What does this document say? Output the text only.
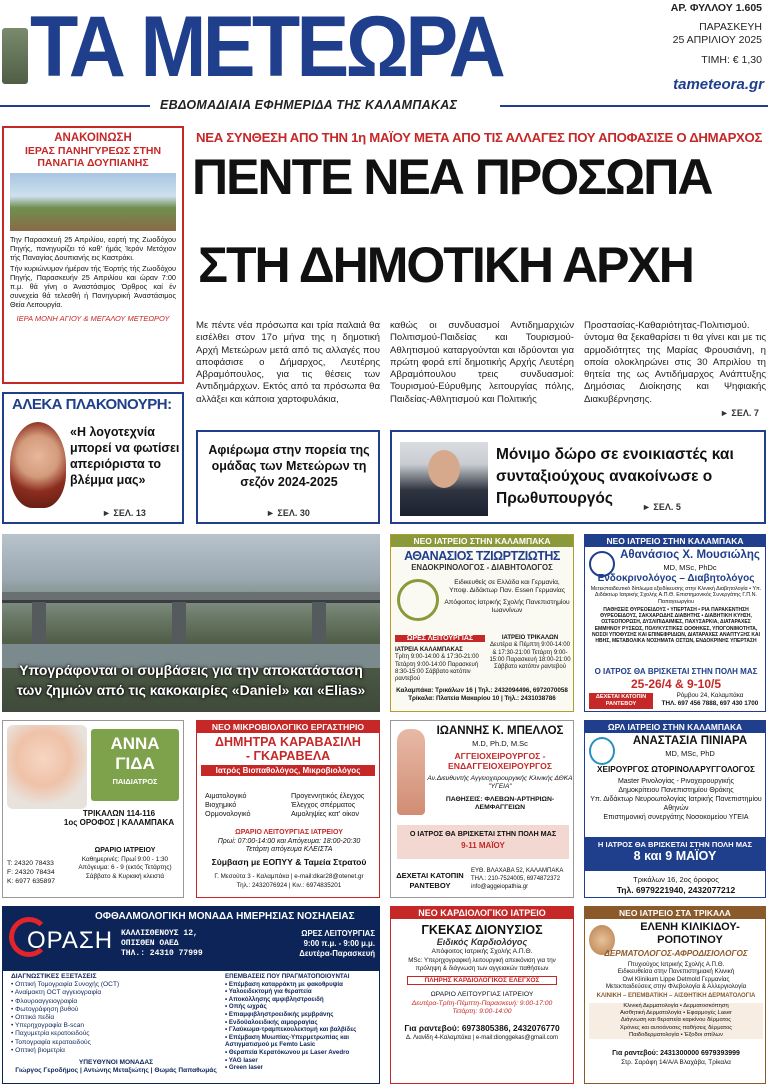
ΤΑ ΜΕΤΕΩΡΑ	ΑΡ. ΦΥΛΛΟΥ 1.605
ΠΑΡΑΣΚΕΥΗ
25 ΑΠΡΙΛΙΟΥ 2025
ΤΙΜΗ: € 1,30
tameteora.gr
ΕΒΔΟΜΑΔΙΑΙΑ ΕΦΗΜΕΡΙΔΑ ΤΗΣ ΚΑΛΑΜΠΑΚΑΣ
ΑΝΑΚΟΙΝΩΣΗ
ΙΕΡΑΣ ΠΑΝΗΓΥΡΕΩΣ ΣΤΗΝ ΠΑΝΑΓΙΑ ΔΟΥΠΙΑΝΗΣ
Την Παρασκευή 25 Απριλίου, εορτή της Ζωοδόχου Πηγής, πανηγυρίζει τό καθ' ήμάς Ίερόν Μετόχιον τής Παναγίας Δουπιανής εις Καστράκι.
Τήν κυριώνυμον ήμέραν τής Έορτής τής Ζωοδόχου Πηγής, Παρασκευήν 25 Απριλίου και ώραν 7:00 π.μ. θά γίνη ο Άναστάσιμος Όρθρος καί έν συνεχεία θά τελεσθή ή Πανηγυρική Άναστάσιμος Θεία Λειτουργία.
ΙΕΡΑ ΜΟΝΗ ΑΓΙΟΥ & ΜΕΓΑΛΟΥ ΜΕΤΕΩΡΟΥ
ΝΕΑ ΣΥΝΘΕΣΗ ΑΠΟ ΤΗΝ 1η ΜΑΪΟΥ ΜΕΤΑ ΑΠΟ ΤΙΣ ΑΛΛΑΓΕΣ ΠΟΥ ΑΠΟΦΑΣΙΣΕ Ο ΔΗΜΑΡΧΟΣ
ΠΕΝΤΕ ΝΕΑ ΠΡΟΣΩΠΑ
ΣΤΗ ΔΗΜΟΤΙΚΗ ΑΡΧΗ
Με πέντε νέα πρόσωπα και τρία παλαιά θα εισέλθει στον 17ο μήνα της η δημοτική Αρχή Μετεώρων μετά από τις αλλαγές που αποφάσισε ο Δήμαρχος, Λευτέρης Αβραμόπουλος, για τις θέσεις των Αντιδημάρχων. Εκτός από τα πρόσωπα θα αλλάξει και κάποια χαρτοφυλάκια,
καθώς οι συνδυασμοί Αντιδημαρχιών Πολιτισμού-Παιδείας και Τουρισμού-Αθλητισμού καταργούνται και ιδρύονται για πρώτη φορά επί δημοτικής Αρχής Λευτέρη Αβραμόπουλου τρεις συνδυασμοί: Τουρισμού-Εύρυθμης λειτουργίας πόλης, Παιδείας-Αθλητισμού και Πολιτικής
Προστασίας-Καθαριότητας-Πολιτισμού. ύντομα θα ξεκαθαρίσει τι θα γίνει και με τις αρμοδιότητες της Μαρίας Φρουσιάνη, η οποία ολοκληρώνει στις 30 Απριλίου τη θητεία της ως Αντιδήμαρχος Ανάπτυξης Δημόσιας Διοίκησης και Ψηφιακής Διακυβέρνησης.
► ΣΕΛ. 7
ΑΛΕΚΑ ΠΛΑΚΟΝΟΥΡΗ:
«Η λογοτεχνία μπορεί να φωτίσει απεριόριστα το βλέμμα μας»
► ΣΕΛ. 13
Αφιέρωμα στην πορεία της ομάδας των Μετεώρων τη σεζόν 2024-2025
► ΣΕΛ. 30
Μόνιμο δώρο σε ενοικιαστές και συνταξιούχους ανακοίνωσε ο Πρωθυπουργός	► ΣΕΛ. 5
Υπογράφονται οι συμβάσεις για την αποκατάσταση των ζημιών από τις κακοκαιρίες «Daniel» και «Elias»
ΝΕΟ ΙΑΤΡΕΙΟ ΣΤΗΝ ΚΑΛΑΜΠΑΚΑ
ΑΘΑΝΑΣΙΟΣ ΤΖΙΩΡΤΖΙΩΤΗΣ
ΕΝΔΟΚΡΙΝΟΛΟΓΟΣ - ΔΙΑΒΗΤΟΛΟΓΟΣ
Ειδικευθείς σε Ελλάδα και Γερμανία,
Υποψ. Διδάκτωρ Παν. Essen Γερμανίας
Απόφοιτος Ιατρικής Σχολής Πανεπιστημίου Ιωαννίνων
ΩΡΕΣ ΛΕΙΤΟΥΡΓΙΑΣ
ΙΑΤΡΕΙΑ ΚΑΛΑΜΠΑΚΑΣ
Τρίτη 9:00-14:00 & 17:30-21:00 Τετάρτη 9:00-14:00 Παρασκευή 8:30-15:00 Σάββατο κατόπιν ραντεβού
ΙΑΤΡΕΙΟ ΤΡΙΚΑΛΩΝ
Δευτέρα & Πέμπτη 9:00-14:00 & 17:30-21:00 Τετάρτη 9:00-15:00 Παρασκευή 18:00-21:00 Σάββατο κατόπιν ραντεβού
Καλαμπάκα: Τρικάλων 16 | Τηλ.: 2432094496, 6972070058
Τρίκαλα: Πλατεία Μακαρίου 10 | Τηλ.: 2431038786
ΝΕΟ ΙΑΤΡΕΙΟ ΣΤΗΝ ΚΑΛΑΜΠΑΚΑ
Αθανάσιος Χ. Μουσιώλης
MD, MSc, PhDc
Ενδοκρινολόγος – Διαβητολόγος
Μετεκπαιδευτικό δίπλωμα εξειδίκευσης στην Κλινική Διαβητολογία • Υπ. Διδάκτωρ Ιατρικής Σχολής Α.Π.Θ. Επιστημονικός Συνεργάτης Γ.Π.Ν. Παπαγεωργίου
ΠΑΘΗΣΕΙΣ ΘΥΡΕΟΕΙΔΟΥΣ • ΥΠΕΡΤΑΣΗ • ΡΙΑ ΠΑΡΑΚΕΝΤΗΣΗ ΘΥΡΕΟΕΙΔΟΥΣ, ΣΑΚΧΑΡΩΔΗΣ ΔΙΑΒΗΤΗΣ • ΔΙΑΒΗΤΙΚΗ ΚΥΗΣΗ, ΟΣΤΕΟΠΟΡΩΣΗ, ΔΥΣΛΙΠΙΔΑΙΜΙΕΣ, ΠΑΧΥΣΑΡΚΙΑ, ΔΙΑΤΑΡΑΧΕΣ ΕΜΜΗΝΟΥ ΡΥΣΕΩΣ, ΠΟΛΥΚΥΣΤΙΚΕΣ ΩΟΘΗΚΕΣ, ΥΠΟΓΟΝΙΜΟΤΗΤΑ, ΝΟΣΟΙ ΥΠΟΦΥΣΗΣ ΚΑΙ ΕΠΙΝΕΦΡΙΔΙΩΝ, ΔΙΑΤΑΡΑΧΕΣ ΑΝΑΠΤΥΞΗΣ ΚΑΙ ΗΒΗΣ, ΜΕΤΑΒΟΛΙΚΑ ΝΟΣΗΜΑΤΑ ΟΣΤΩΝ, ΕΝΔΟΚΡΙΝΗΣ ΥΠΕΡΤΑΣΗ
Ο ΙΑΤΡΟΣ ΘΑ ΒΡΙΣΚΕΤΑΙ ΣΤΗΝ ΠΟΛΗ ΜΑΣ
25-26/4 & 9-10/5
ΔΕΧΕΤΑΙ ΚΑΤΟΠΙΝ ΡΑΝΤΕΒΟΥ
Ρόμβου 24, Καλαμπάκα
ΤΗΛ. 697 456 7888, 697 430 1700
ΑΝΝΑ ΓΙΔΑ
ΠΑΙΔΙΑΤΡΟΣ
ΤΡΙΚΑΛΩΝ 114-116
1ος ΟΡΟΦΟΣ | ΚΑΛΑΜΠΑΚΑ
Τ: 24320 78433
F: 24320 78434
Κ: 6977 635897
ΩΡΑΡΙΟ ΙΑΤΡΕΙΟΥ
Καθημερινές: Πρωί 9:00 - 1:30
Απόγευμα: 6 - 9 (εκτός Τετάρτης)
Σάββατο & Κυριακή κλειστά
ΝΕΟ ΜΙΚΡΟΒΙΟΛΟΓΙΚΟ ΕΡΓΑΣΤΗΡΙΟ
ΔΗΜΗΤΡΑ ΚΑΡΑΒΑΣΙΛΗ
- ΓΚΑΡΑΒΕΛΑ
Ιατρός Βιοπαθολόγος, Μικροβιολόγος
Αιματολογικό Βιοχημικό Ορμονολογικό
Προγεννητικός έλεγχος Έλεγχος σπέρματος Αιμοληψίες κατ' οίκον
ΩΡΑΡΙΟ ΛΕΙΤΟΥΡΓΙΑΣ ΙΑΤΡΕΙΟΥ
Πρωί: 07:00-14:00 και Απόγευμα: 18:00-20:30
Τετάρτη απόγευμα ΚΛΕΙΣΤΑ
Σύμβαση με ΕΟΠΥΥ & Ταμεία Στρατού
Γ. Μεσούτα 3 - Καλαμπάκα | e-mail:dkar28@otenet.gr
Τηλ.: 2432076924 | Κιν.: 6974835201
ΙΩΑΝΝΗΣ Κ. ΜΠΕΛΛΟΣ
M.D, Ph.D, M.Sc
ΑΓΓΕΙΟΧΕΙΡΟΥΡΓΟΣ -
ΕΝΔΑΓΓΕΙΟΧΕΙΡΟΥΡΓΟΣ
Αν.Διευθυντής Αγγειοχειρουργικής Κλινικής ΔΘΚΑ "ΥΓΕΙΑ"
ΠΑΘΗΣΕΙΣ: ΦΛΕΒΩΝ-ΑΡΤΗΡΙΩΝ-ΛΕΜΦΑΓΓΕΙΩΝ
Ο ΙΑΤΡΟΣ ΘΑ ΒΡΙΣΚΕΤΑΙ ΣΤΗΝ ΠΟΛΗ ΜΑΣ
9-11 ΜΑΪΟΥ
ΔΕΧΕΤΑΙ ΚΑΤΟΠΙΝ ΡΑΝΤΕΒΟΥ
ΕΥΘ. ΒΛΑΧΑΒΑ 52, ΚΑΛΑΜΠΑΚΑ
ΤΗΛ.: 210-7524005, 6974872372
info@aggeiopathia.gr
ΩΡΛ ΙΑΤΡΕΙΟ ΣΤΗΝ ΚΑΛΑΜΠΑΚΑ
ΑΝΑΣΤΑΣΙΑ ΠΙΝΙΑΡΑ
MD, MSc, PhD
ΧΕΙΡΟΥΡΓΟΣ ΩΤΟΡΙΝΟΛΑΡΥΓΓΟΛΟΓΟΣ
Master Ρινολογίας - Ρινοχειρουργικής
Δημοκρίτειου Πανεπιστημίου Θράκης
Υπ. Διδάκτωρ Νευροωτολογίας Ιατρικής Πανεπιστημίου Αθηνών
Επιστημονική συνεργάτης Νοσοκομείου ΥΓΕΙΑ
Η ΙΑΤΡΟΣ ΘΑ ΒΡΙΣΚΕΤΑΙ ΣΤΗΝ ΠΟΛΗ ΜΑΣ
8 και 9 ΜΑΪΟΥ
Τρικάλων 16, 2ος όροφος
Τηλ. 6979221940, 2432077212
ΟΡΑΣΗ
ΟΦΘΑΛΜΟΛΟΓΙΚΗ ΜΟΝΑΔΑ ΗΜΕΡΗΣΙΑΣ ΝΟΣΗΛΕΙΑΣ
ΚΑΛΛΙΣΘΕΝΟΥΣ 12,
ΟΠΙΣΘΕΝ ΟΑΕΔ
ΤΗΛ.: 24310 77999
ΩΡΕΣ ΛΕΙΤΟΥΡΓΙΑΣ
9:00 π.μ. - 9:00 μ.μ.
Δευτέρα-Παρασκευή
ΔΙΑΓΝΩΣΤΙΚΕΣ ΕΞΕΤΑΣΕΙΣ
• Οπτική Τομογραφία Συνοχής (OCT)
• Αναίμακτη OCT αγγειογραφία
• Φλουροαγγειογραφία
• Φωτογράφηση βυθού
• Οπτικά πεδία
• Υπερηχογραφία B-scan
• Παχυμετρία κερατοειδούς
• Τοπογραφία κερατοειδούς
• Οπτική βιομετρία
ΕΠΕΜΒΑΣΕΙΣ ΠΟΥ ΠΡΑΓΜΑΤΟΠΟΙΟΥΝΤΑΙ
• Επέμβαση καταρράκτη με φακοθρυψία
• Υαλοειδεκτομή για θεραπεία
• Αποκόλλησης αμφιβληστροειδή
• Οπής ωχράς
• Επιαμφιβληστροειδικής μεμβράνης
• Ενδοϋαλοειδικής αιμορραγίας
• Γλαύκωμα-τραμπεκουλεκτομή και βαλβίδες
• Επέμβαση Μυωπίας-Υπερμετρωπίας και Αστιγματισμού με Femto Lasic
• Θεραπεία Κερατόκωνου με Laser Avedro
• YAG laser
• Green laser
ΥΠΕΥΘΥΝΟΙ ΜΟΝΑΔΑΣ
Γιώργος Γεροδήμος | Αντώνης Μεταξιώτης | Θωμάς Παπαθωμάς
ΝΕΟ ΚΑΡΔΙΟΛΟΓΙΚΟ ΙΑΤΡΕΙΟ
ΓΚΕΚΑΣ ΔΙΟΝΥΣΙΟΣ
Ειδικός Καρδιολόγος
Απόφοιτος Ιατρικής Σχολής Α.Π.Θ.
MSc: Υπερηχογραφική λειτουργική απεικόνιση για την πρόληψη & διάγνωση των αγγειακών παθήσεων
ΠΛΗΡΗΣ ΚΑΡΔΙΟΛΟΓΙΚΟΣ ΕΛΕΓΧΟΣ
ΩΡΑΡΙΟ ΛΕΙΤΟΥΡΓΙΑΣ ΙΑΤΡΕΙΟΥ
Δευτέρα-Τρίτη-Πέμπτη-Παρασκευή: 9:00-17:00
Τετάρτη: 9:00-14:00
Για ραντεβού: 6973805386, 2432076770
Δ. Λιανίδη 4-Καλαμπάκα | e-mail:dionggekas@gmail.com
ΝΕΟ ΙΑΤΡΕΙΟ ΣΤΑ ΤΡΙΚΑΛΑ
ΕΛΕΝΗ ΚΙΛΙΚΙΔΟΥ-
ΡΟΠΟΤΙΝΟΥ
ΔΕΡΜΑΤΟΛΟΓΟΣ-ΑΦΡΟΔΙΣΙΟΛΟΓΟΣ
Πτυχιούχος Ιατρικής Σχολής Α.Π.Θ.
Ειδικευθείσα στην Πανεπιστημιακή Κλινική
Owl Klinikum Lippe Detmold Γερμανίας
Μετεκπαιδεύσεις στην Φλεβολογία & Αλλεργιολογία
ΚΛΙΝΙΚΗ – ΕΠΕΜΒΑΤΙΚΗ – ΑΙΣΘΗΤΙΚΗ ΔΕΡΜΑΤΟΛΟΓΙΑ
Κλινική Δερματολογία • Δερματοσκόπηση
Αισθητική Δερματολογία • Εφαρμογές Laser
Διάγνωση και θεραπεία καρκίνου δέρματος
Χρόνιες και αυτοάνοσες παθήσεις δέρματος
Παιδοδερματολογία • Έξοδοι σπίλων
Για ραντεβού: 2431300000 6979393999
Στρ. Σαράφη 14/Α/Α Βλαχάβα, Τρίκαλα
